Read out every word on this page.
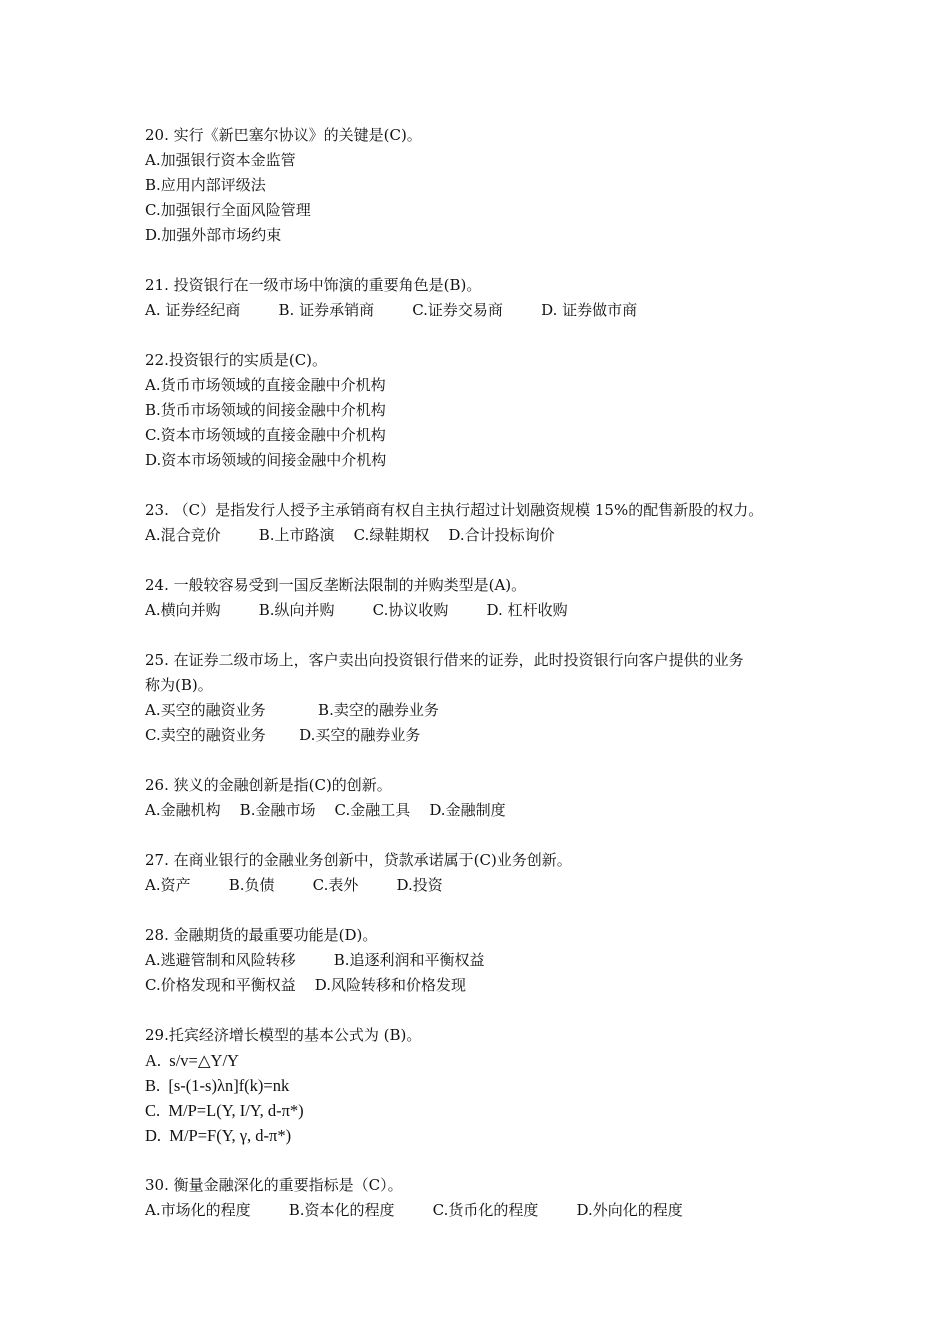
20. 实行《新巴塞尔协议》的关键是(C)。
A.加强银行资本金监管
B.应用内部评级法
C.加强银行全面风险管理
D.加强外部市场约束
21. 投资银行在一级市场中饰演的重要角色是(B)。
A. 证券经纪商        B. 证券承销商        C.证券交易商        D. 证券做市商
22.投资银行的实质是(C)。
A.货币市场领域的直接金融中介机构
B.货币市场领域的间接金融中介机构
C.资本市场领域的直接金融中介机构
D.资本市场领域的间接金融中介机构
23. （C）是指发行人授予主承销商有权自主执行超过计划融资规模 15%的配售新股的权力。
A.混合竞价        B.上市路演    C.绿鞋期权    D.合计投标询价
24. 一般较容易受到一国反垄断法限制的并购类型是(A)。
A.横向并购        B.纵向并购        C.协议收购        D. 杠杆收购
25. 在证券二级市场上，客户卖出向投资银行借来的证券，此时投资银行向客户提供的业务
称为(B)。
A.买空的融资业务           B.卖空的融券业务
C.卖空的融资业务       D.买空的融券业务
26. 狭义的金融创新是指(C)的创新。
A.金融机构    B.金融市场    C.金融工具    D.金融制度
27. 在商业银行的金融业务创新中，贷款承诺属于(C)业务创新。
A.资产        B.负债        C.表外        D.投资
28. 金融期货的最重要功能是(D)。
A.逃避管制和风险转移        B.追逐利润和平衡权益
C.价格发现和平衡权益    D.风险转移和价格发现
29.托宾经济增长模型的基本公式为 (B)。
A.  s/v=△Y/Y
B.  [s-(1-s)λn]f(k)=nk
C.  M/P=L(Y, I/Y, d-π*)
D.  M/P=F(Y, γ, d-π*)
30. 衡量金融深化的重要指标是（C）。
A.市场化的程度        B.资本化的程度        C.货币化的程度        D.外向化的程度
